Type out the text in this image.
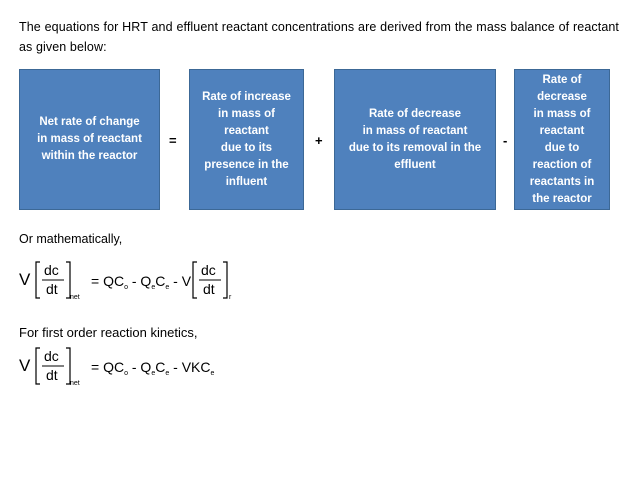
The equations for HRT and effluent reactant concentrations are derived from the mass balance of reactant as given below:
Net rate of change
in mass of reactant
within the reactor
=
Rate of increase
in mass of
reactant
due to its
presence in the
influent
+
Rate of decrease
in mass of reactant
due to its removal in the
effluent
-
Rate of
decrease
in mass of
reactant
due to
reaction of
reactants in
the reactor
Or mathematically,
V dc
dt
net
= $QC_o - Q_eC_e$ - V
dc
dt
r
For first order reaction kinetics,
V dc
dt
net
= $QC_o - Q_eC_e - VKC_e$
